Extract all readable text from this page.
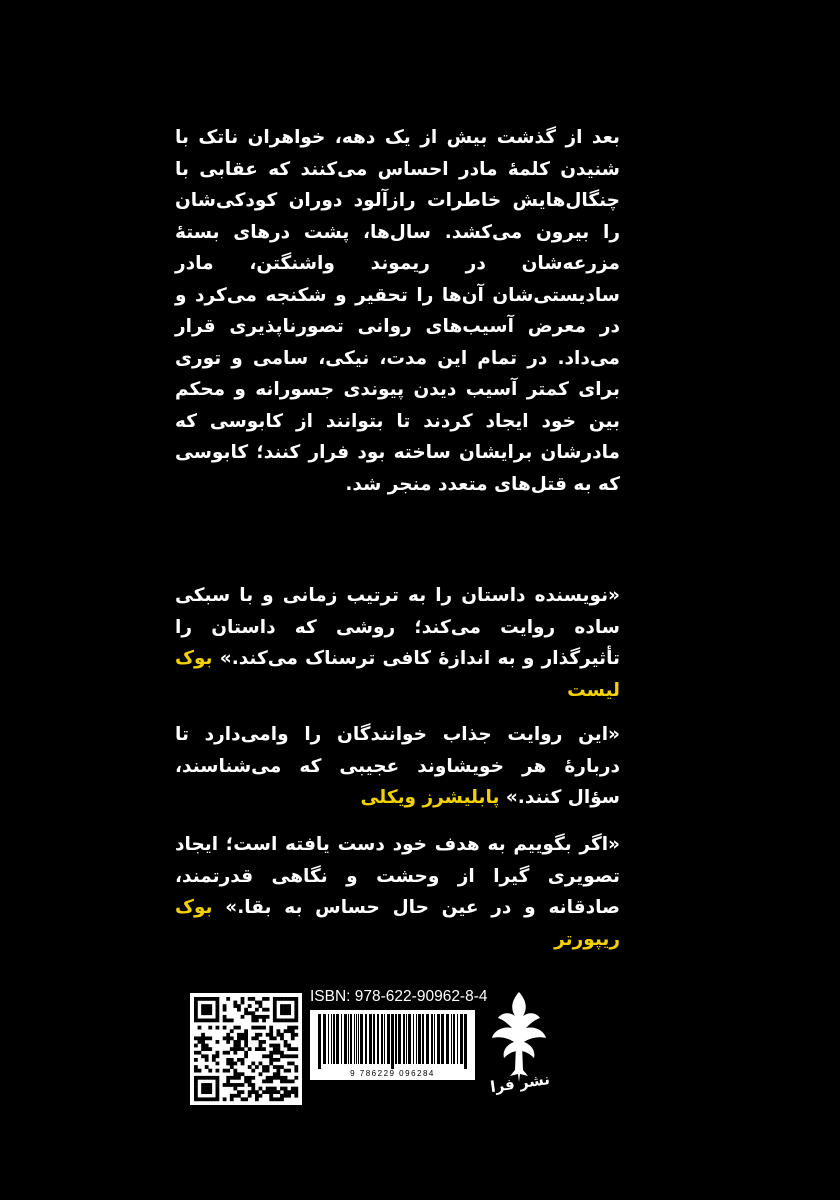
بعد از گذشت بیش از یک دهه، خواهران ناتک با شنیدن کلمهٔ مادر احساس می‌کنند که عقابی با چنگال‌هایش خاطرات رازآلود دوران کودکی‌شان را بیرون می‌کشد. سال‌ها، پشت درهای بستهٔ مزرعه‌شان در ریموند واشنگتن، مادر سادیستی‌شان آن‌ها را تحقیر و شکنجه می‌کرد و در معرض آسیب‌های روانی تصورناپذیری قرار می‌داد. در تمام این مدت، نیکی، سامی و توری برای کمتر آسیب دیدن پیوندی جسورانه و محکم بین خود ایجاد کردند تا بتوانند از کابوسی که مادرشان برایشان ساخته بود فرار کنند؛ کابوسی که به قتل‌های متعدد منجر شد.

«نویسنده داستان را به ترتیب زمانی و با سبکی ساده روایت می‌کند؛ روشی که داستان را تأثیرگذار و به اندازهٔ کافی ترسناک می‌کند.» بوک لیست

«این روایت جذاب خوانندگان را وامی‌دارد تا دربارهٔ هر خویشاوند عجیبی که می‌شناسند، سؤال کنند.» پابلیشرز ویکلی

«اگر بگوییم به هدف خود دست یافته است؛ ایجاد تصویری گیرا از وحشت و نگاهی قدرتمند، صادقانه و در عین حال حساس به بقا.» بوک ریپورتر

ISBN: 978-622-90962-8-4
9 786229 096284	نشر فرا
